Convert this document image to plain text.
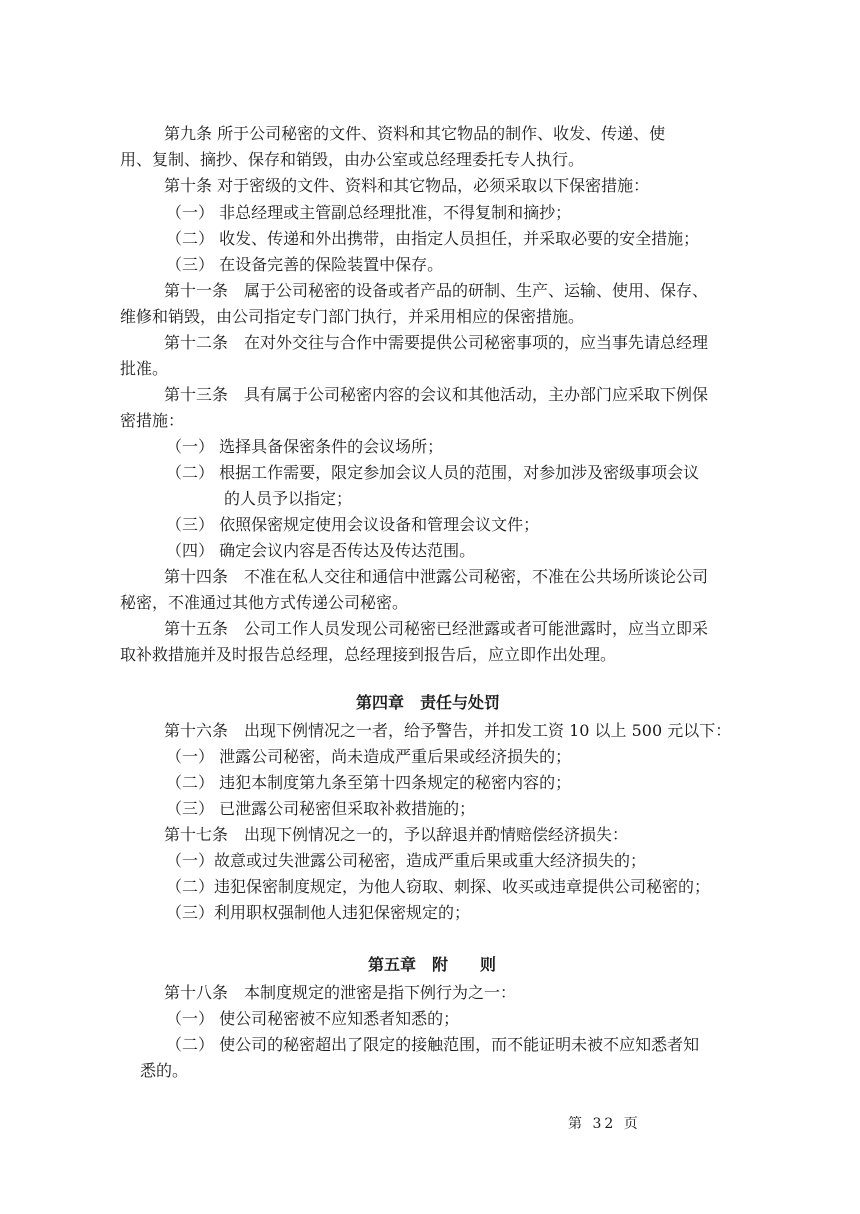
第九条 所于公司秘密的文件、资料和其它物品的制作、收发、传递、使

用、复制、摘抄、保存和销毁，由办公室或总经理委托专人执行。

第十条 对于密级的文件、资料和其它物品，必须采取以下保密措施：

（一） 非总经理或主管副总经理批准，不得复制和摘抄；

（二） 收发、传递和外出携带，由指定人员担任，并采取必要的安全措施；

（三） 在设备完善的保险装置中保存。

第十一条　属于公司秘密的设备或者产品的研制、生产、运输、使用、保存、

维修和销毁，由公司指定专门部门执行，并采用相应的保密措施。

第十二条　在对外交往与合作中需要提供公司秘密事项的，应当事先请总经理

批准。

第十三条　具有属于公司秘密内容的会议和其他活动，主办部门应采取下例保

密措施：

（一） 选择具备保密条件的会议场所；

（二） 根据工作需要，限定参加会议人员的范围，对参加涉及密级事项会议

的人员予以指定；

（三） 依照保密规定使用会议设备和管理会议文件；

（四） 确定会议内容是否传达及传达范围。

第十四条　不准在私人交往和通信中泄露公司秘密，不准在公共场所谈论公司

秘密，不准通过其他方式传递公司秘密。

第十五条　公司工作人员发现公司秘密已经泄露或者可能泄露时，应当立即采

取补救措施并及时报告总经理，总经理接到报告后，应立即作出处理。

第四章　责任与处罚

第十六条　出现下例情况之一者，给予警告，并扣发工资 10 以上 500 元以下：

（一） 泄露公司秘密，尚未造成严重后果或经济损失的；

（二） 违犯本制度第九条至第十四条规定的秘密内容的；

（三） 已泄露公司秘密但采取补救措施的；

第十七条　出现下例情况之一的，予以辞退并酌情赔偿经济损失：

（一）故意或过失泄露公司秘密，造成严重后果或重大经济损失的；

（二）违犯保密制度规定，为他人窃取、刺探、收买或违章提供公司秘密的；

（三）利用职权强制他人违犯保密规定的；

第五章　附　　则

第十八条　本制度规定的泄密是指下例行为之一：

（一） 使公司秘密被不应知悉者知悉的；

（二） 使公司的秘密超出了限定的接触范围，而不能证明未被不应知悉者知

悉的。

第 32 页
